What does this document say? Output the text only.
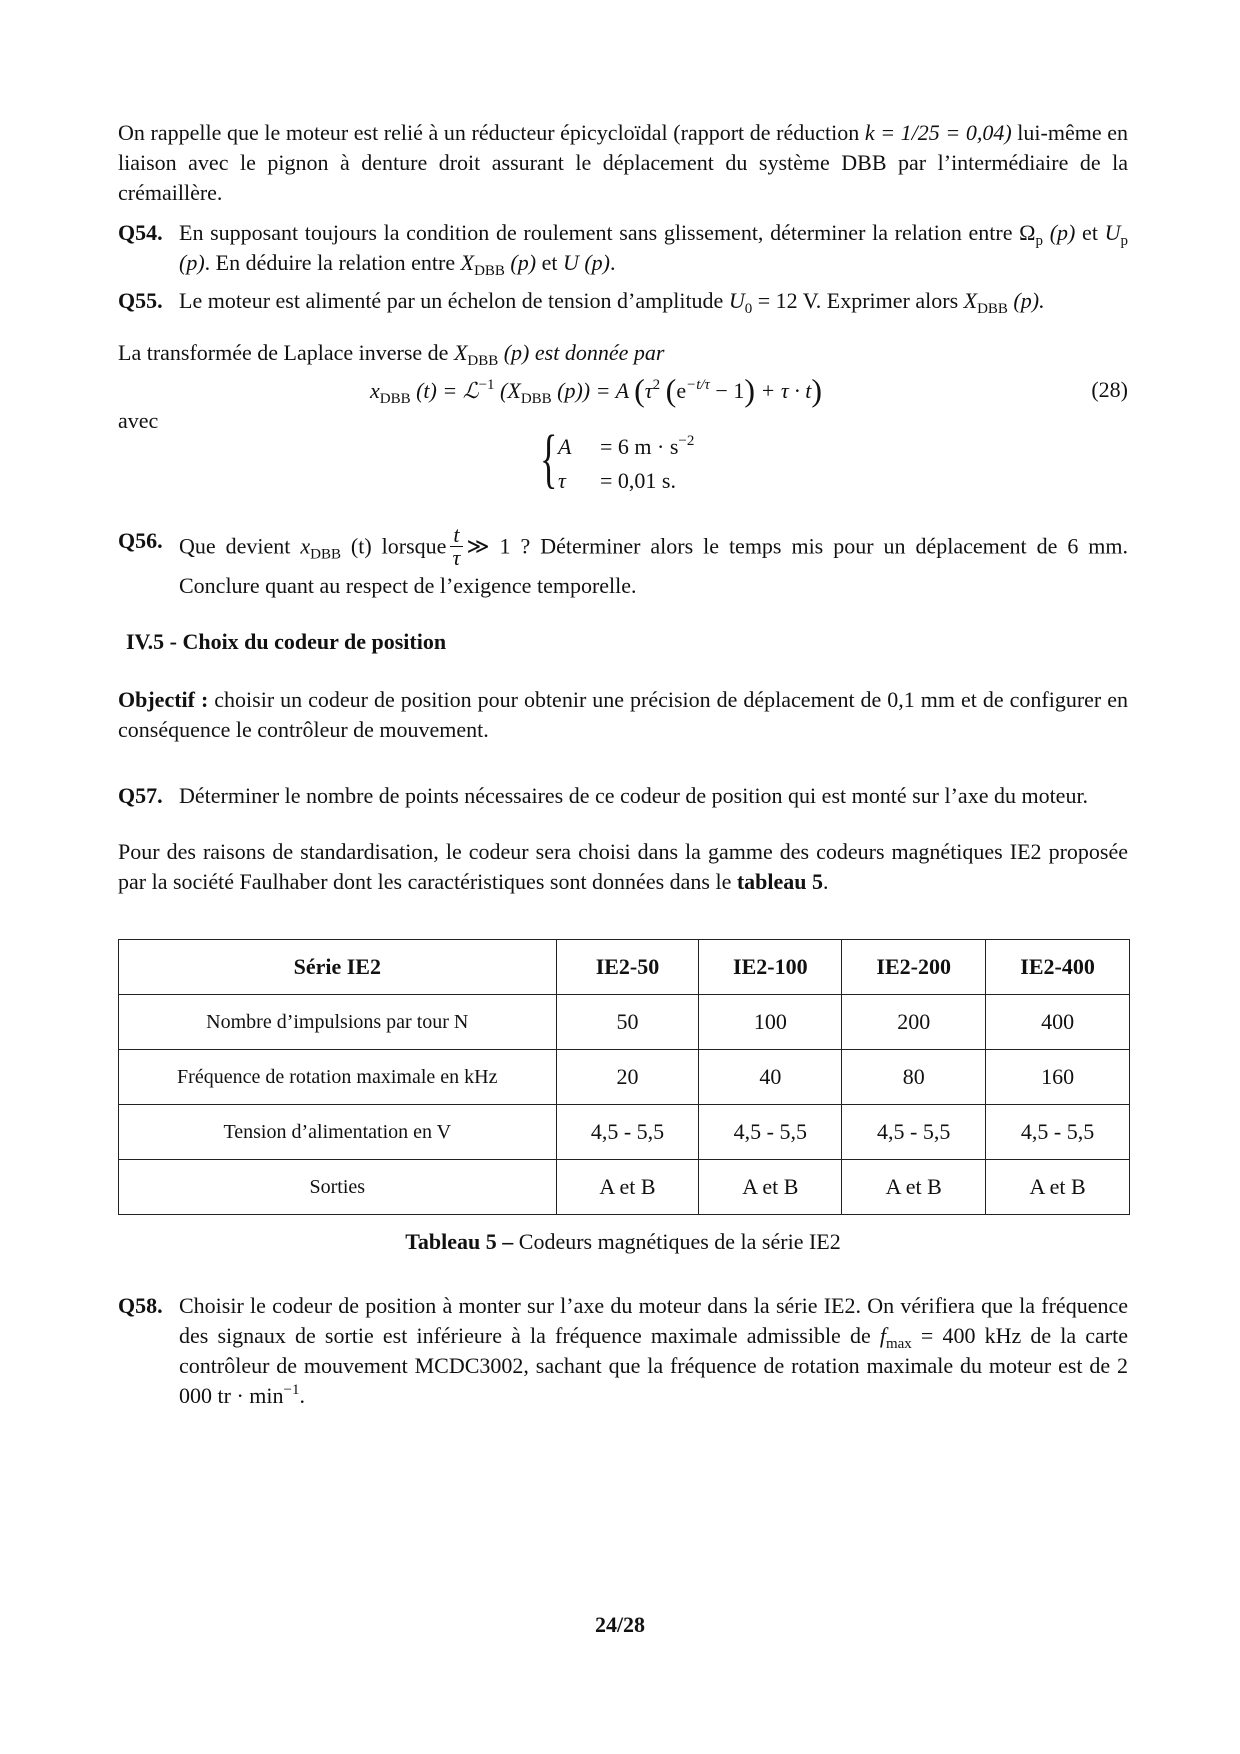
On rappelle que le moteur est relié à un réducteur épicycloïdal (rapport de réduction k = 1/25 = 0,04) lui-même en liaison avec le pignon à denture droit assurant le déplacement du système DBB par l’intermédiaire de la crémaillère.

Q54. En supposant toujours la condition de roulement sans glissement, déterminer la relation entre $\Omega_p$ (p) et $U_p$ (p). En déduire la relation entre $X_{DBB}$ (p) et U (p).
Q55. Le moteur est alimenté par un échelon de tension d’amplitude $U_0 = 12$ V. Exprimer alors $X_{DBB}$ (p).

La transformée de Laplace inverse de $X_{DBB}$ (p) est donnée par

$x_{DBB}$ (t) = ℒ$^{-1}$ ($X_{DBB}$ (p)) = A ($\tau^2$ $(e^{-t/\tau} - 1) + \tau \cdot t$)	(28)

avec

{ A = 6 $m \cdot s^{-2}$
τ = 0,01 s.
Q56. Que devient $x_{DBB}$ (t) lorsque $\frac{t}{\tau}$ ≫ 1 ? Déterminer alors le temps mis pour un déplacement de 6 mm. Conclure quant au respect de l’exigence temporelle.

IV.5 - Choix du codeur de position

Objectif : choisir un codeur de position pour obtenir une précision de déplacement de 0,1 mm et de configurer en conséquence le contrôleur de mouvement.

Q57. Déterminer le nombre de points nécessaires de ce codeur de position qui est monté sur l’axe du moteur.

Pour des raisons de standardisation, le codeur sera choisi dans la gamme des codeurs magnétiques IE2 proposée par la société Faulhaber dont les caractéristiques sont données dans le tableau 5.

Série IE2	IE2-50	IE2-100	IE2-200	IE2-400
Nombre d’impulsions par tour N	50	100	200	400
Fréquence de rotation maximale en kHz	20	40	80	160
Tension d’alimentation en V	4,5 - 5,5	4,5 - 5,5	4,5 - 5,5	4,5 - 5,5
Sorties	A et B	A et B	A et B	A et B

Tableau 5 – Codeurs magnétiques de la série IE2

Q58. Choisir le codeur de position à monter sur l’axe du moteur dans la série IE2. On vérifiera que la fréquence des signaux de sortie est inférieure à la fréquence maximale admissible de $f_{max} = 400$ kHz de la carte contrôleur de mouvement MCDC3002, sachant que la fréquence de rotation maximale du moteur est de 2 000 tr · $\min^{-1}$.
24/28
